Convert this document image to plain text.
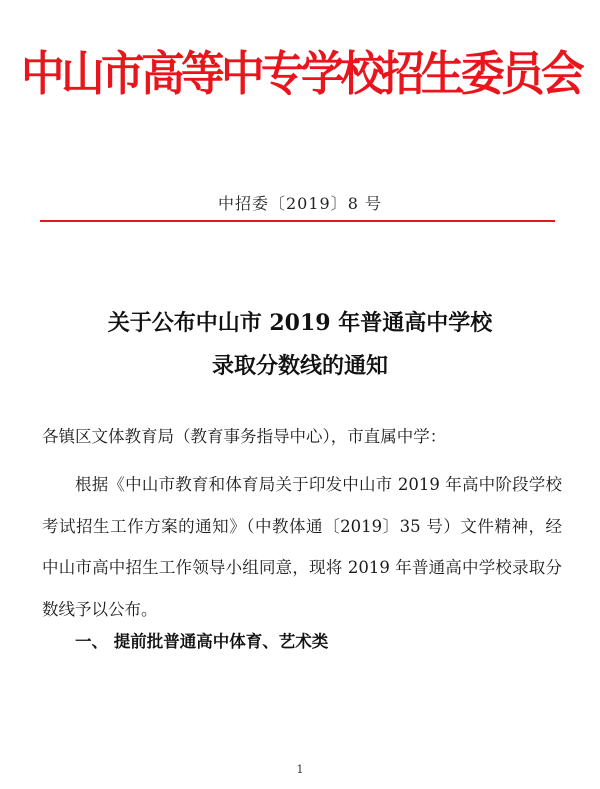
中山市高等中专学校招生委员会
中招委〔2019〕8 号
关于公布中山市 2019 年普通高中学校
录取分数线的通知
各镇区文体教育局（教育事务指导中心），市直属中学：
根据《中山市教育和体育局关于印发中山市 2019 年高中阶段学校考试招生工作方案的通知》（中教体通〔2019〕35 号）文件精神，经中山市高中招生工作领导小组同意，现将 2019 年普通高中学校录取分数线予以公布。
一、 提前批普通高中体育、艺术类
1
